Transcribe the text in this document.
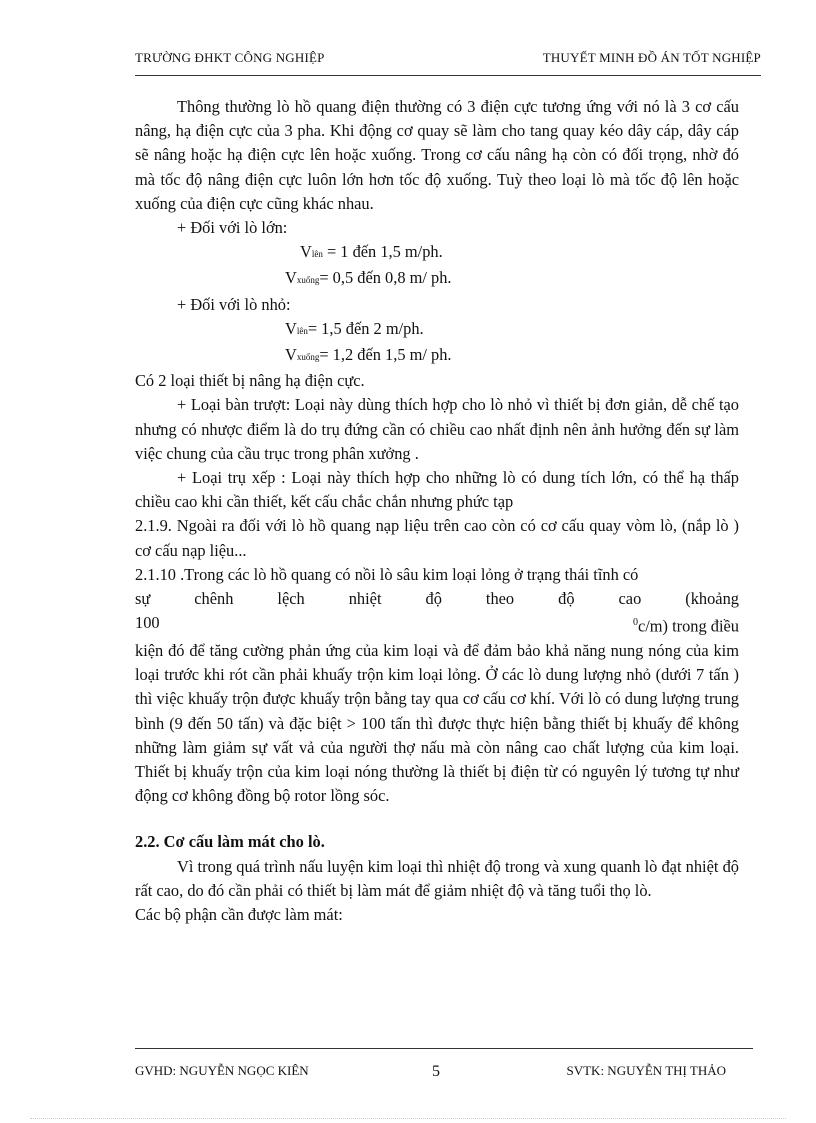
TRƯỜNG ĐHKT CÔNG NGHIỆP	THUYẾT MINH ĐỒ ÁN TỐT NGHIỆP

Thông thường lò hồ quang điện thường có 3 điện cực tương ứng với nó là 3 cơ cấu nâng, hạ điện cực của 3 pha. Khi động cơ quay sẽ làm cho tang quay kéo dây cáp, dây cáp sẽ nâng hoặc hạ điện cực lên hoặc xuống. Trong cơ cấu nâng hạ còn có đối trọng, nhờ đó mà tốc độ nâng điện cực luôn lớn hơn tốc độ xuống. Tuỳ theo loại lò mà tốc độ lên hoặc xuống của điện cực cũng khác nhau.

+ Đối với lò lớn:

Vlên = 1 đến 1,5 m/ph.

Vxuống= 0,5 đến 0,8 m/ ph.

+ Đối với lò nhỏ:

Vlên= 1,5 đến 2 m/ph.

Vxuống= 1,2 đến 1,5 m/ ph.

Có 2 loại thiết bị nâng hạ điện cực.

+ Loại bàn trượt: Loại này dùng thích hợp cho lò nhỏ vì thiết bị đơn giản, dễ chế tạo nhưng có nhược điểm là do trụ đứng cần có chiều cao nhất định nên ảnh hưởng đến sự làm việc chung của cầu trục trong phân xưởng .

+ Loại trụ xếp : Loại này thích hợp cho những lò có dung tích lớn, có thể hạ thấp chiều cao khi cần thiết, kết cấu chắc chắn nhưng phức tạp

2.1.9. Ngoài ra đối với lò hồ quang nạp liệu trên cao còn có cơ cấu quay vòm lò, (nắp lò ) cơ cấu nạp liệu...

2.1.10 .Trong các lò hồ quang có nồi lò sâu kim loại lỏng ở trạng thái tĩnh có

sự	chênh	lệch	nhiệt	độ	theo	độ	cao	(khoảng
100	$^0$c/m) trong điều

kiện đó để tăng cường phản ứng của kim loại và để đảm bảo khả năng nung nóng của kim loại trước khi rót cần phải khuấy trộn kim loại lỏng. Ở các lò dung lượng nhỏ (dưới 7 tấn ) thì việc khuấy trộn được khuấy trộn bằng tay qua cơ cấu cơ khí. Với lò có dung lượng trung bình (9 đến 50 tấn) và đặc biệt > 100 tấn thì được thực hiện bằng thiết bị khuấy để không những làm giảm sự vất vả của người thợ nấu mà còn nâng cao chất lượng của kim loại. Thiết bị khuấy trộn của kim loại nóng thường là thiết bị điện từ có nguyên lý tương tự như động cơ không đồng bộ rotor lồng sóc.

2.2. Cơ cấu làm mát cho lò.

Vì trong quá trình nấu luyện kim loại thì nhiệt độ trong và xung quanh lò đạt nhiệt độ rất cao, do đó cần phải có thiết bị làm mát để giảm nhiệt độ và tăng tuổi thọ lò.

Các bộ phận cần được làm mát:

GVHD: NGUYỄN NGỌC KIÊN	5	SVTK: NGUYỄN THỊ THẢO
